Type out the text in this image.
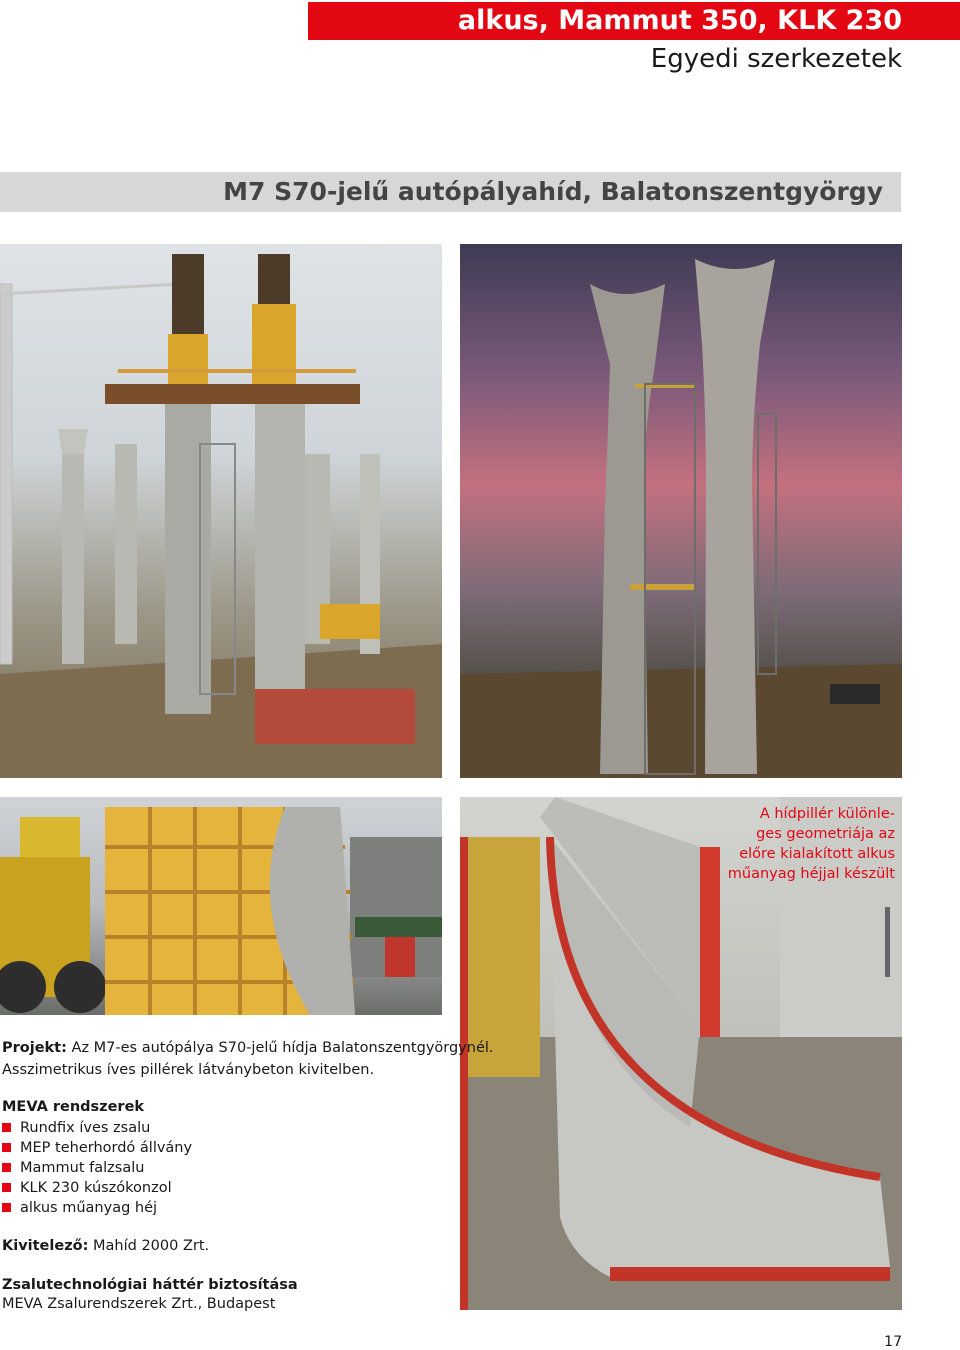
alkus, Mammut 350, KLK 230
Egyedi szerkezetek
M7 S70-jelű autópályahíd, Balatonszentgyörgy
A hídpillér különle-
ges geometriája az
előre kialakított alkus
műanyag héjjal készült
Projekt: Az M7-es autópálya S70-jelű hídja Balatonszentgyörgynél.
Asszimetrikus íves pillérek látványbeton kivitelben.
MEVA rendszerek
Rundfix íves zsalu
MEP teherhordó állvány
Mammut falzsalu
KLK 230 kúszókonzol
alkus műanyag héj
Kivitelező: Mahíd 2000 Zrt.
Zsalutechnológiai háttér biztosítása
MEVA Zsalurendszerek Zrt., Budapest
17
